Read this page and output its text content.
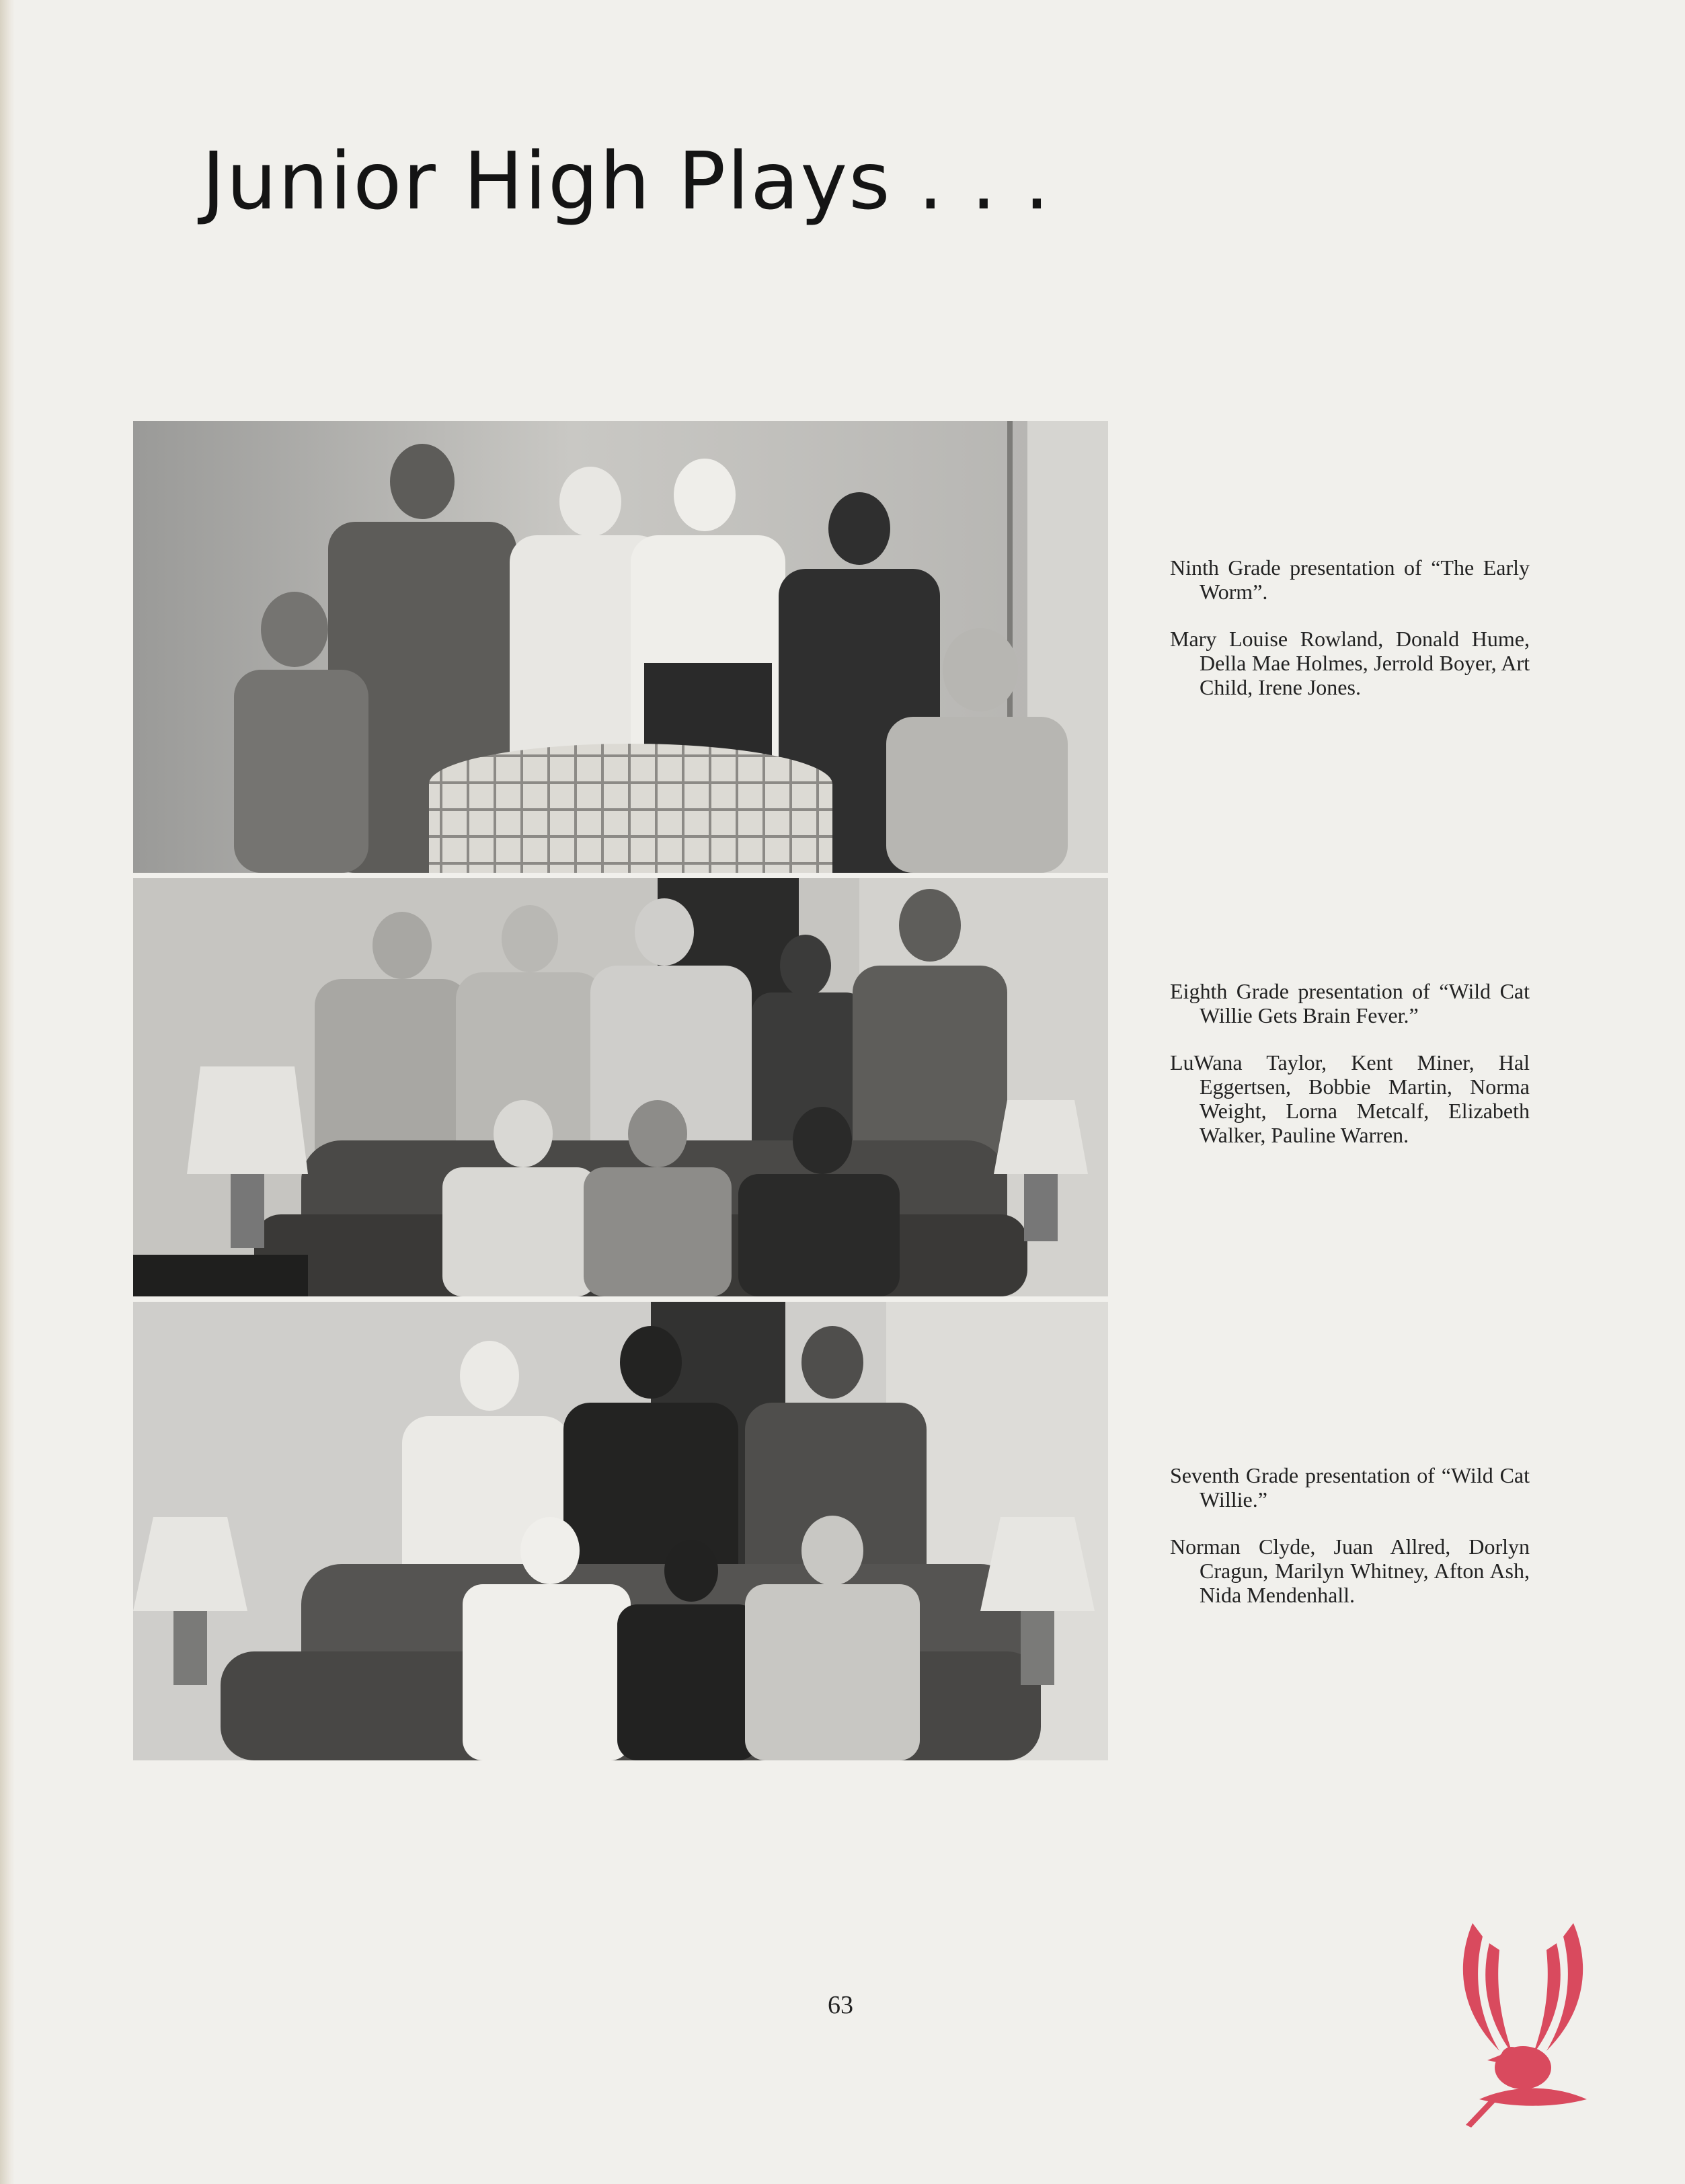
Junior High Plays . . .

Ninth Grade presentation of “The Early Worm”.

Mary Louise Rowland, Donald Hume, Della Mae Holmes, Jerrold Boyer, Art Child, Irene Jones.

Eighth Grade presentation of “Wild Cat Willie Gets Brain Fever.”

LuWana Taylor, Kent Miner, Hal Eggertsen, Bobbie Martin, Norma Weight, Lorna Metcalf, Elizabeth Walker, Pauline Warren.

Seventh Grade presentation of “Wild Cat Willie.”

Norman Clyde, Juan Allred, Dorlyn Cragun, Marilyn Whitney, Afton Ash, Nida Mendenhall.

63
